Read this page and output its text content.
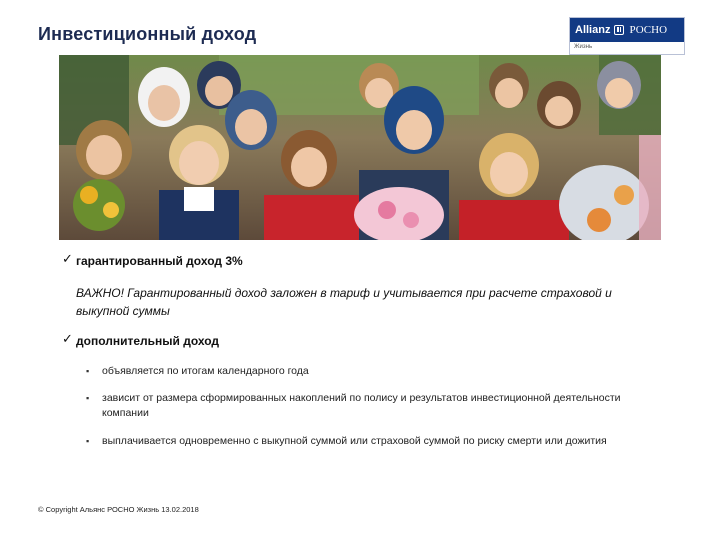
Инвестиционный доход	Allianz РОСНО
Жизнь
✓ гарантированный доход 3%
ВАЖНО! Гарантированный доход заложен в тариф и учитывается при расчете страховой и выкупной суммы
✓ дополнительный доход
▪	объявляется по итогам календарного года
▪	зависит от размера сформированных накоплений по полису и результатов инвестиционной деятельности компании
▪	выплачивается одновременно с выкупной суммой или страховой суммой по риску смерти или дожития
© Copyright Альянс РОСНО Жизнь 13.02.2018
